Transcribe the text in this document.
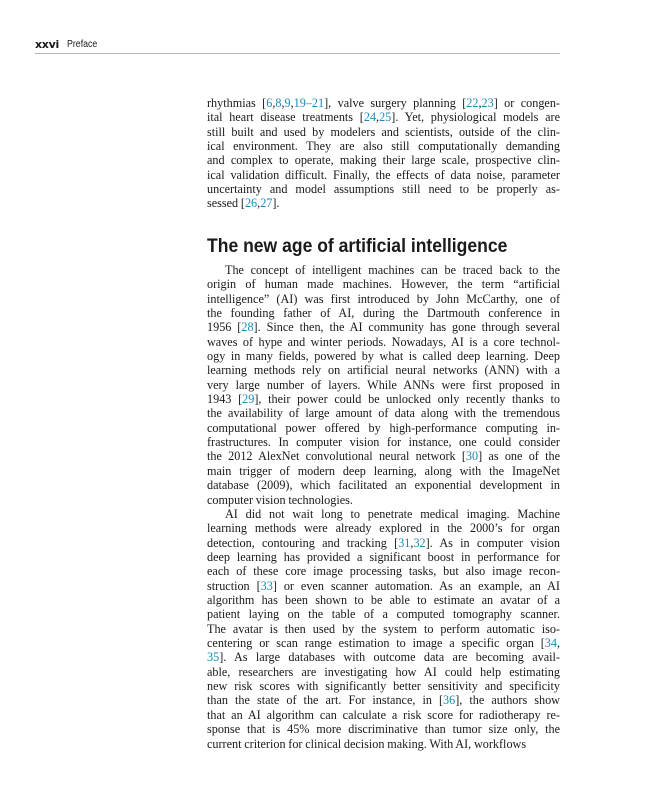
xxvi Preface
rhythmias [6,8,9,19–21], valve surgery planning [22,23] or congen-
ital heart disease treatments [24,25]. Yet, physiological models are
still built and used by modelers and scientists, outside of the clin-
ical environment. They are also still computationally demanding
and complex to operate, making their large scale, prospective clin-
ical validation difficult. Finally, the effects of data noise, parameter
uncertainty and model assumptions still need to be properly as-
sessed [26,27].
The new age of artificial intelligence
The concept of intelligent machines can be traced back to the
origin of human made machines. However, the term “artificial
intelligence” (AI) was first introduced by John McCarthy, one of
the founding father of AI, during the Dartmouth conference in
1956 [28]. Since then, the AI community has gone through several
waves of hype and winter periods. Nowadays, AI is a core technol-
ogy in many fields, powered by what is called deep learning. Deep
learning methods rely on artificial neural networks (ANN) with a
very large number of layers. While ANNs were first proposed in
1943 [29], their power could be unlocked only recently thanks to
the availability of large amount of data along with the tremendous
computational power offered by high-performance computing in-
frastructures. In computer vision for instance, one could consider
the 2012 AlexNet convolutional neural network [30] as one of the
main trigger of modern deep learning, along with the ImageNet
database (2009), which facilitated an exponential development in
computer vision technologies.
AI did not wait long to penetrate medical imaging. Machine
learning methods were already explored in the 2000’s for organ
detection, contouring and tracking [31,32]. As in computer vision
deep learning has provided a significant boost in performance for
each of these core image processing tasks, but also image recon-
struction [33] or even scanner automation. As an example, an AI
algorithm has been shown to be able to estimate an avatar of a
patient laying on the table of a computed tomography scanner.
The avatar is then used by the system to perform automatic iso-
centering or scan range estimation to image a specific organ [34,
35]. As large databases with outcome data are becoming avail-
able, researchers are investigating how AI could help estimating
new risk scores with significantly better sensitivity and specificity
than the state of the art. For instance, in [36], the authors show
that an AI algorithm can calculate a risk score for radiotherapy re-
sponse that is 45% more discriminative than tumor size only, the
current criterion for clinical decision making. With AI, workflows
